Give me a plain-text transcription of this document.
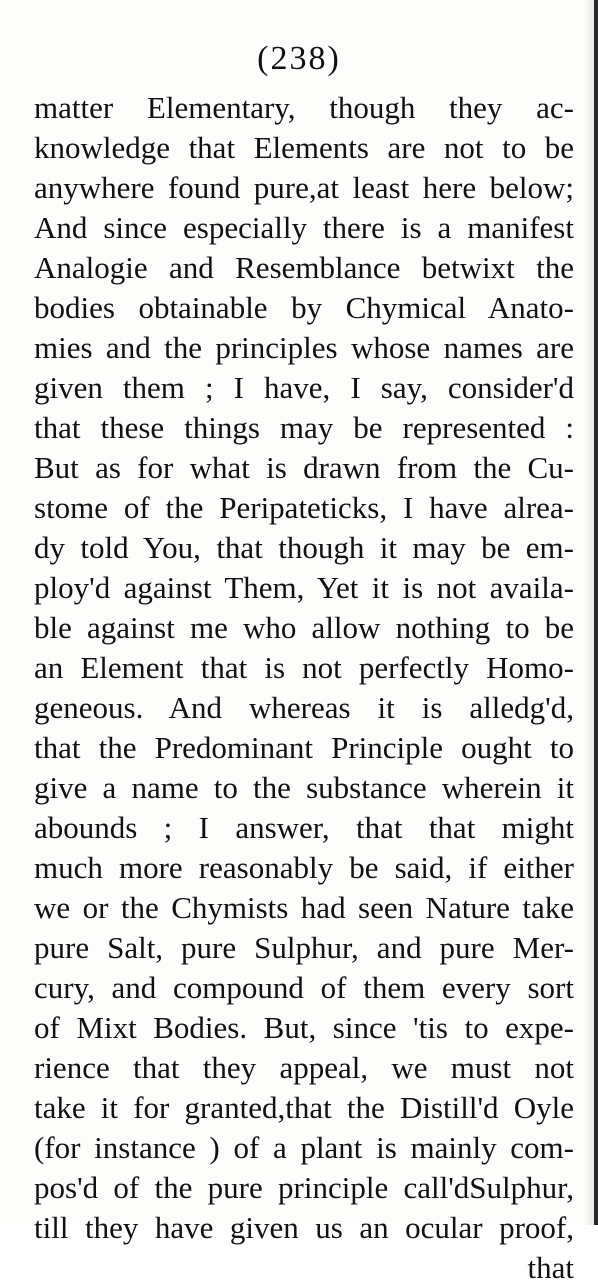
(238)
matter Elementary, though they ac-
knowledge that Elements are not to be
anywhere found pure,at least here below;
And since especially there is a manifest
Analogie and Resemblance betwixt the
bodies obtainable by Chymical Anato-
mies and the principles whose names are
given them ; I have, I say, consider'd
that these things may be represented :
But as for what is drawn from the Cu-
stome of the Peripateticks, I have alrea-
dy told You, that though it may be em-
ploy'd against Them, Yet it is not availa-
ble against me who allow nothing to be
an Element that is not perfectly Homo-
geneous. And whereas it is alledg'd,
that the Predominant Principle ought to
give a name to the substance wherein it
abounds ; I answer, that that might
much more reasonably be said, if either
we or the Chymists had seen Nature take
pure Salt, pure Sulphur, and pure Mer-
cury, and compound of them every sort
of Mixt Bodies. But, since 'tis to expe-
rience that they appeal, we must not
take it for granted,that the Distill'd Oyle
(for instance ) of a plant is mainly com-
pos'd of the pure principle call'dSulphur,
till they have given us an ocular proof,
that
